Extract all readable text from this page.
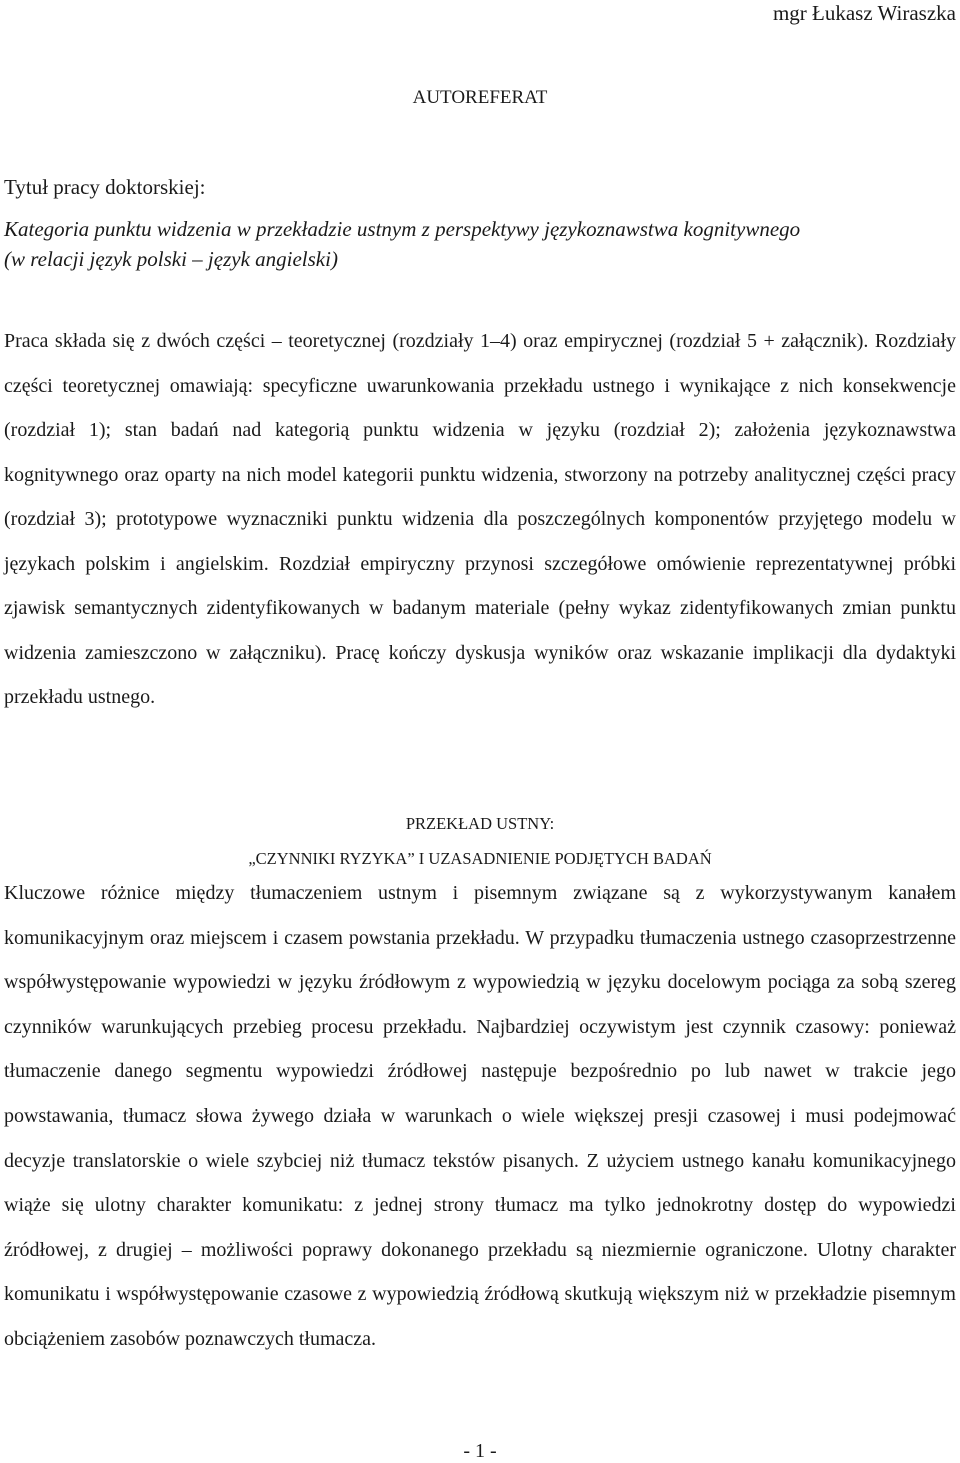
mgr Łukasz Wiraszka
AUTOREFERAT
Tytuł pracy doktorskiej:
Kategoria punktu widzenia w przekładzie ustnym z perspektywy językoznawstwa kognitywnego
(w relacji język polski – język angielski)

Praca składa się z dwóch części – teoretycznej (rozdziały 1–4) oraz empirycznej (rozdział 5 + załącznik). Rozdziały części teoretycznej omawiają: specyficzne uwarunkowania przekładu ustnego i wynikające z nich konsekwencje (rozdział 1); stan badań nad kategorią punktu widzenia w języku (rozdział 2); założenia językoznawstwa kognitywnego oraz oparty na nich model kategorii punktu widzenia, stworzony na potrzeby analitycznej części pracy (rozdział 3); prototypowe wyznaczniki punktu widzenia dla poszczególnych komponentów przyjętego modelu w językach polskim i angielskim. Rozdział empiryczny przynosi szczegółowe omówienie reprezentatywnej próbki zjawisk semantycznych zidentyfikowanych w badanym materiale (pełny wykaz zidentyfikowanych zmian punktu widzenia zamieszczono w załączniku). Pracę kończy dyskusja wyników oraz wskazanie implikacji dla dydaktyki przekładu ustnego.

PRZEKŁAD USTNY:
„CZYNNIKI RYZYKA” I UZASADNIENIE PODJĘTYCH BADAŃ

Kluczowe różnice między tłumaczeniem ustnym i pisemnym związane są z wykorzystywanym kanałem komunikacyjnym oraz miejscem i czasem powstania przekładu. W przypadku tłumaczenia ustnego czasoprzestrzenne współwystępowanie wypowiedzi w języku źródłowym z wypowiedzią w języku docelowym pociąga za sobą szereg czynników warunkujących przebieg procesu przekładu. Najbardziej oczywistym jest czynnik czasowy: ponieważ tłumaczenie danego segmentu wypowiedzi źródłowej następuje bezpośrednio po lub nawet w trakcie jego powstawania, tłumacz słowa żywego działa w warunkach o wiele większej presji czasowej i musi podejmować decyzje translatorskie o wiele szybciej niż tłumacz tekstów pisanych. Z użyciem ustnego kanału komunikacyjnego wiąże się ulotny charakter komunikatu: z jednej strony tłumacz ma tylko jednokrotny dostęp do wypowiedzi źródłowej, z drugiej – możliwości poprawy dokonanego przekładu są niezmiernie ograniczone. Ulotny charakter komunikatu i współwystępowanie czasowe z wypowiedzią źródłową skutkują większym niż w przekładzie pisemnym obciążeniem zasobów poznawczych tłumacza.

- 1 -
